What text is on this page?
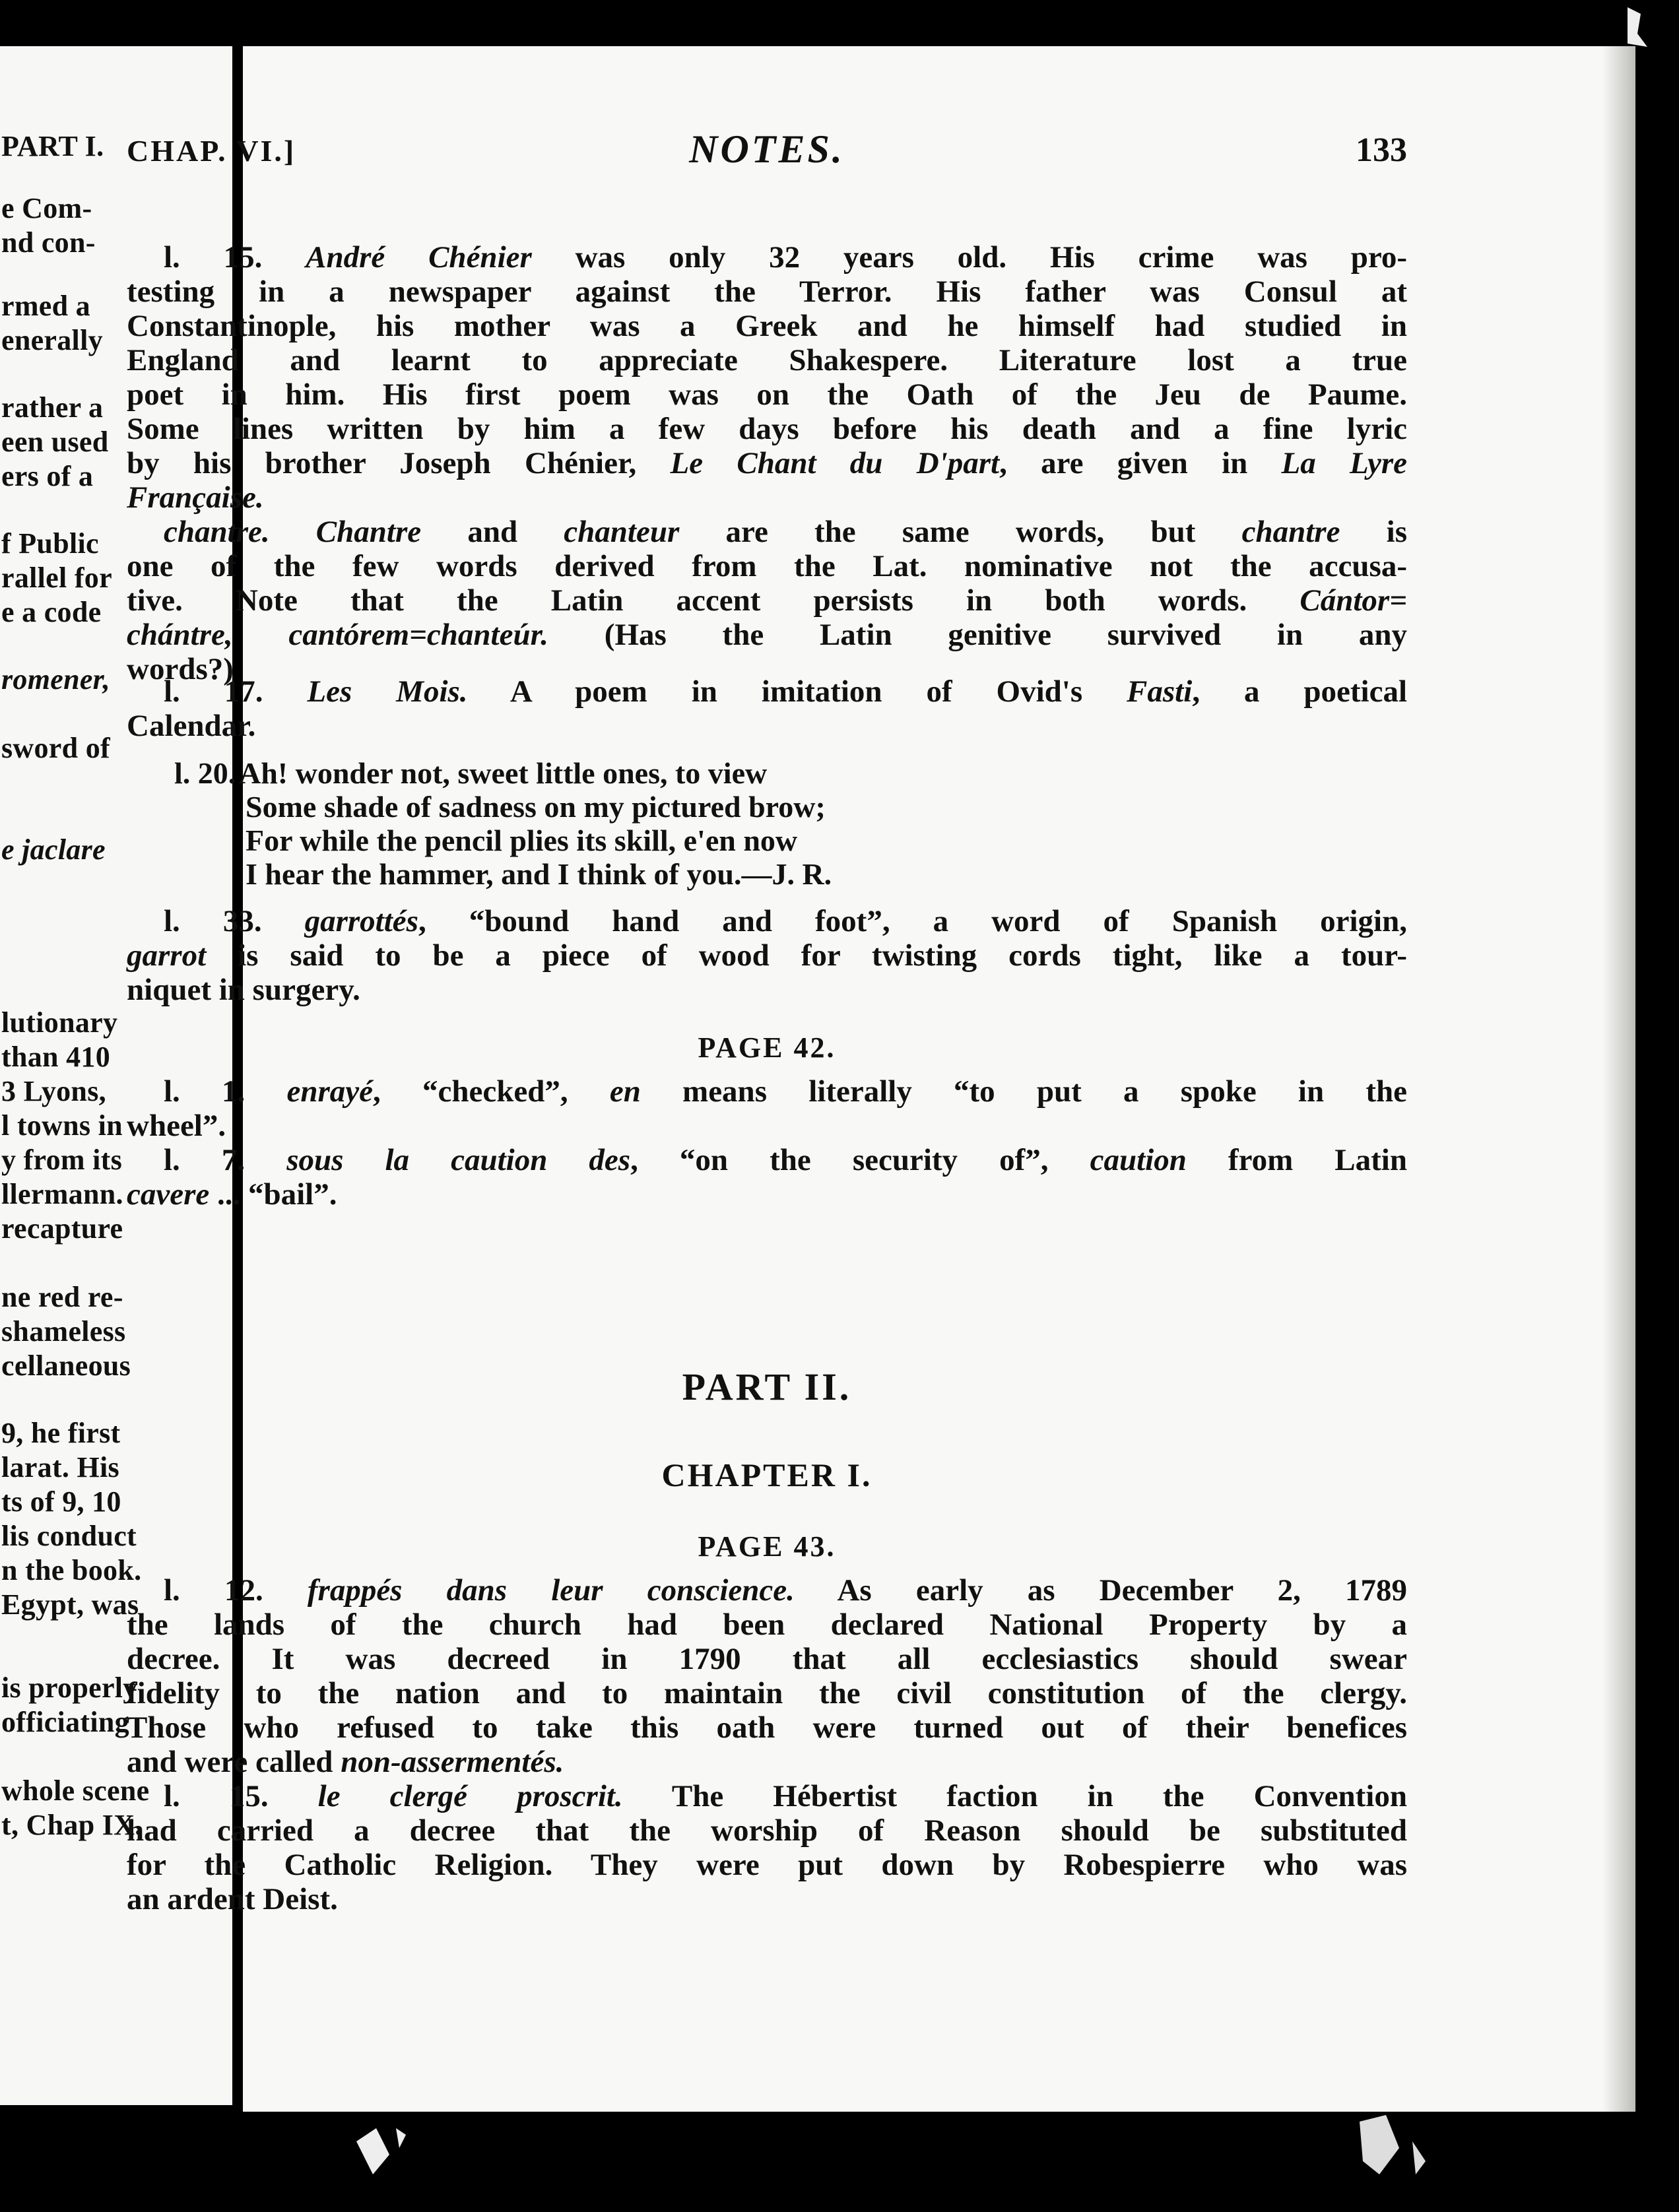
PART I.
e Com-
nd con-
rmed a
enerally
rather a
een used
ers of a
f Public
rallel for
e a code
romener,
sword of
e jaclare
lutionary
than 410
3 Lyons,
l towns in
y from its
llermann.
recapture
ne red re-
shameless
cellaneous
9, he first
larat. His
ts of 9, 10
lis conduct
n the book.
Egypt, was
is properly
officiating
whole scene
t, Chap IX.
CHAP. VI.]	NOTES.	133
l. 15. André Chénier was only 32 years old. His crime was pro-
testing in a newspaper against the Terror. His father was Consul at
Constantinople, his mother was a Greek and he himself had studied in
England and learnt to appreciate Shakespere. Literature lost a true
poet in him. His first poem was on the Oath of the Jeu de Paume.
Some lines written by him a few days before his death and a fine lyric
by his brother Joseph Chénier, Le Chant du D'part, are given in La Lyre
Française.
chantre. Chantre and chanteur are the same words, but chantre is
one of the few words derived from the Lat. nominative not the accusa-
tive. Note that the Latin accent persists in both words. Cántor=
chántre, cantórem=chanteúr. (Has the Latin genitive survived in any
words?)
l. 17. Les Mois. A poem in imitation of Ovid's Fasti, a poetical
Calendar.
l. 20. Ah! wonder not, sweet little ones, to view
Some shade of sadness on my pictured brow;
For while the pencil plies its skill, e'en now
I hear the hammer, and I think of you.—J. R.
l. 33. garrottés, “bound hand and foot”, a word of Spanish origin,
garrot is said to be a piece of wood for twisting cords tight, like a tour-
niquet in surgery.
PAGE 42.
l. 1. enrayé, “checked”, en means literally “to put a spoke in the
wheel”.
l. 7. sous la caution des, “on the security of”, caution from Latin
cavere ... “bail”.
PART II.
CHAPTER I.
PAGE 43.
l. 12. frappés dans leur conscience. As early as December 2, 1789
the lands of the church had been declared National Property by a
decree. It was decreed in 1790 that all ecclesiastics should swear
fidelity to the nation and to maintain the civil constitution of the clergy.
Those who refused to take this oath were turned out of their benefices
and were called non-assermentés.
l. 15. le clergé proscrit. The Hébertist faction in the Convention
had carried a decree that the worship of Reason should be substituted
for the Catholic Religion. They were put down by Robespierre who was
an ardent Deist.
